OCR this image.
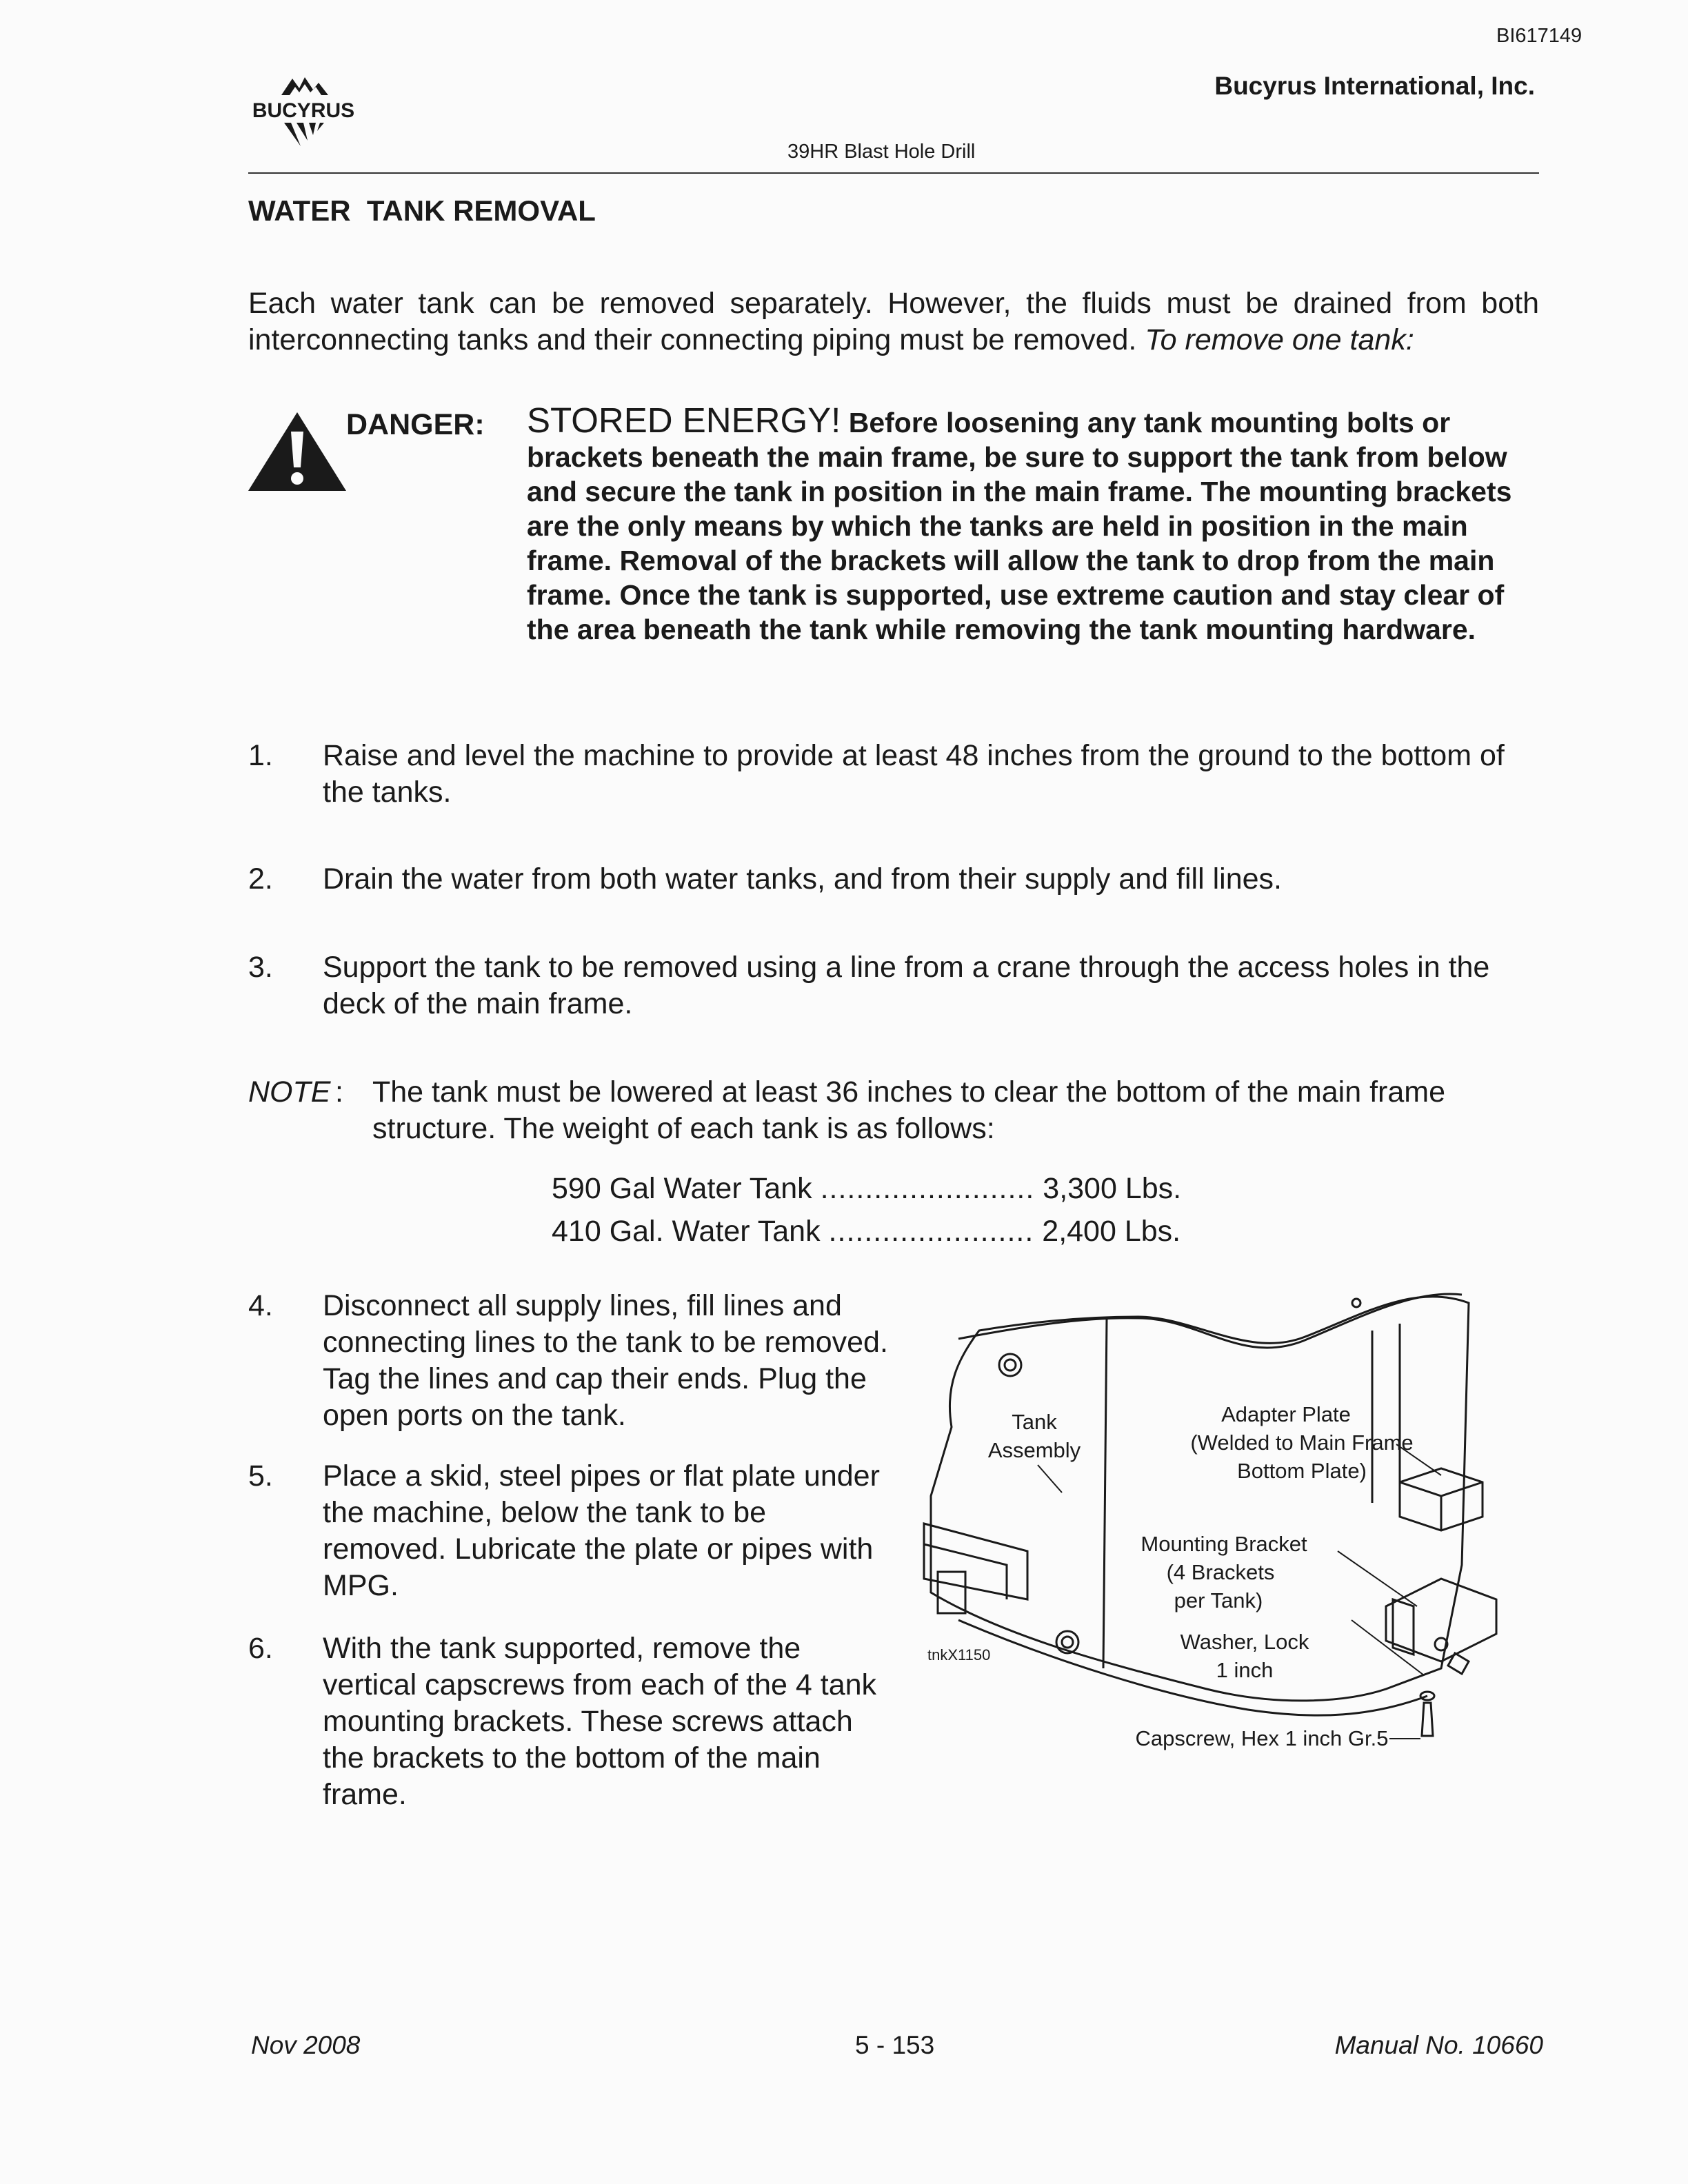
BI617149
Bucyrus International, Inc.
BUCYRUS
39HR Blast Hole Drill
WATER  TANK REMOVAL
Each water tank can be removed separately. However, the fluids must be drained from both interconnecting tanks and their connecting piping must be removed. To remove one tank:
DANGER: STORED ENERGY! Before loosening any tank mounting bolts or brackets beneath the main frame, be sure to support the tank from below and secure the tank in position in the main frame. The mounting brackets are the only means by which the tanks are held in position in the main frame. Removal of the brackets will allow the tank to drop from the main frame. Once the tank is supported, use extreme caution and stay clear of the area beneath the tank while removing the tank mounting hardware.
1. Raise and level the machine to provide at least 48 inches from the ground to the bottom of the tanks.
2. Drain the water from both water tanks, and from their supply and fill lines.
3. Support the tank to be removed using a line from a crane through the access holes in the deck of the main frame.
NOTE : The tank must be lowered at least 36 inches to clear the bottom of the main frame structure. The weight of each tank is as follows:
590 Gal Water Tank ........................ 3,300 Lbs.
410 Gal. Water Tank ....................... 2,400 Lbs.
4. Disconnect all supply lines, fill lines and connecting lines to the tank to be removed. Tag the lines and cap their ends. Plug the open ports on the tank.
5. Place a skid, steel pipes or flat plate under the machine, below the tank to be removed. Lubricate the plate or pipes with MPG.
6. With the tank supported, remove the vertical capscrews from each of the 4 tank mounting brackets. These screws attach the brackets to the bottom of the main frame.
Tank
Assembly
Adapter Plate
(Welded to Main Frame
Bottom Plate)
Mounting Bracket
(4 Brackets
per Tank)
Washer, Lock
1 inch
Capscrew, Hex 1 inch Gr.5
tnkX1150
Nov 2008	5 - 153	Manual No. 10660
